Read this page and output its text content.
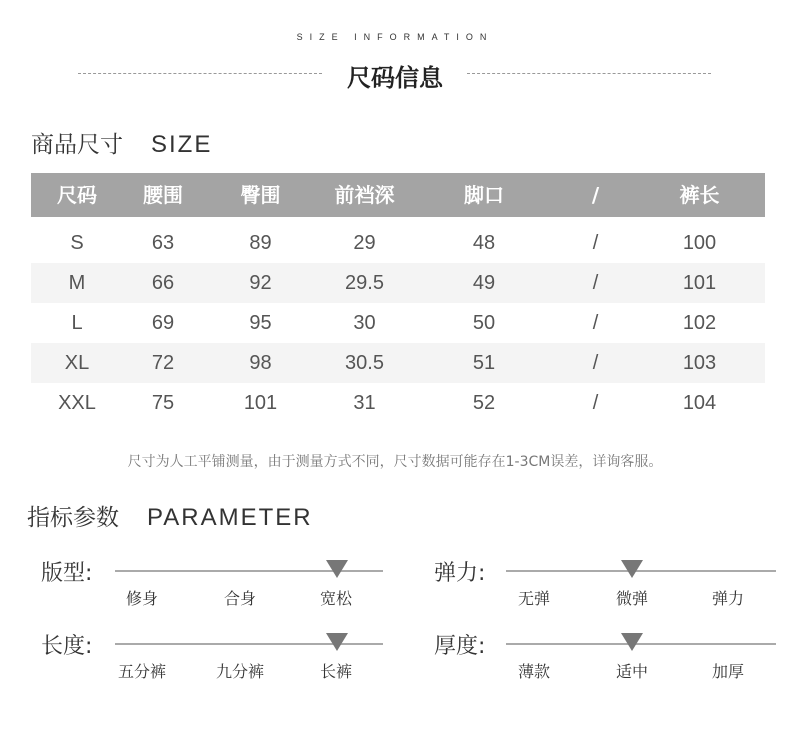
SIZE INFORMATION
尺码信息
商品尺寸 SIZE
尺码	腰围	臀围	前裆深	脚口	/	裤长
S	63	89	29	48	/	100
M	66	92	29.5	49	/	101
L	69	95	30	50	/	102
XL	72	98	30.5	51	/	103
XXL	75	101	31	52	/	104
尺寸为人工平铺测量，由于测量方式不同，尺寸数据可能存在1-3CM误差，详询客服。
指标参数 PARAMETER
版型:
修身	合身	宽松
弹力:
无弹	微弹	弹力
长度:
五分裤	九分裤	长裤
厚度:
薄款	适中	加厚
